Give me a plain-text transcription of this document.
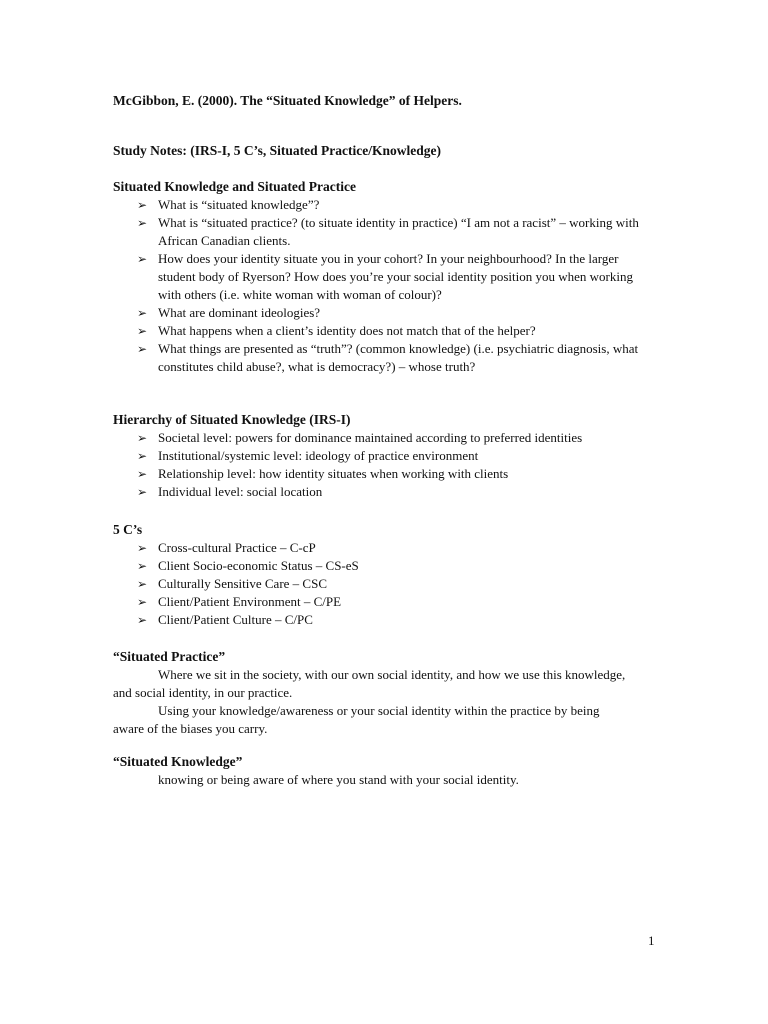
McGibbon, E. (2000). The “Situated Knowledge” of Helpers.
Study Notes: (IRS-I, 5 C’s, Situated Practice/Knowledge)
Situated Knowledge and Situated Practice
➢ What is “situated knowledge”?
➢ What is “situated practice? (to situate identity in practice) “I am not a racist” – working with African Canadian clients.
➢ How does your identity situate you in your cohort? In your neighbourhood? In the larger student body of Ryerson? How does you’re your social identity position you when working with others (i.e. white woman with woman of colour)?
➢ What are dominant ideologies?
➢ What happens when a client’s identity does not match that of the helper?
➢ What things are presented as “truth”? (common knowledge) (i.e. psychiatric diagnosis, what constitutes child abuse?, what is democracy?) – whose truth?
Hierarchy of Situated Knowledge (IRS-I)
➢ Societal level: powers for dominance maintained according to preferred identities
➢ Institutional/systemic level: ideology of practice environment
➢ Relationship level: how identity situates when working with clients
➢ Individual level: social location
5 C’s
➢ Cross-cultural Practice – C-cP
➢ Client Socio-economic Status – CS-eS
➢ Culturally Sensitive Care – CSC
➢ Client/Patient Environment – C/PE
➢ Client/Patient Culture – C/PC
“Situated Practice”
Where we sit in the society, with our own social identity, and how we use this knowledge, and social identity, in our practice.
Using your knowledge/awareness or your social identity within the practice by being aware of the biases you carry.
“Situated Knowledge”
knowing or being aware of where you stand with your social identity.
1
